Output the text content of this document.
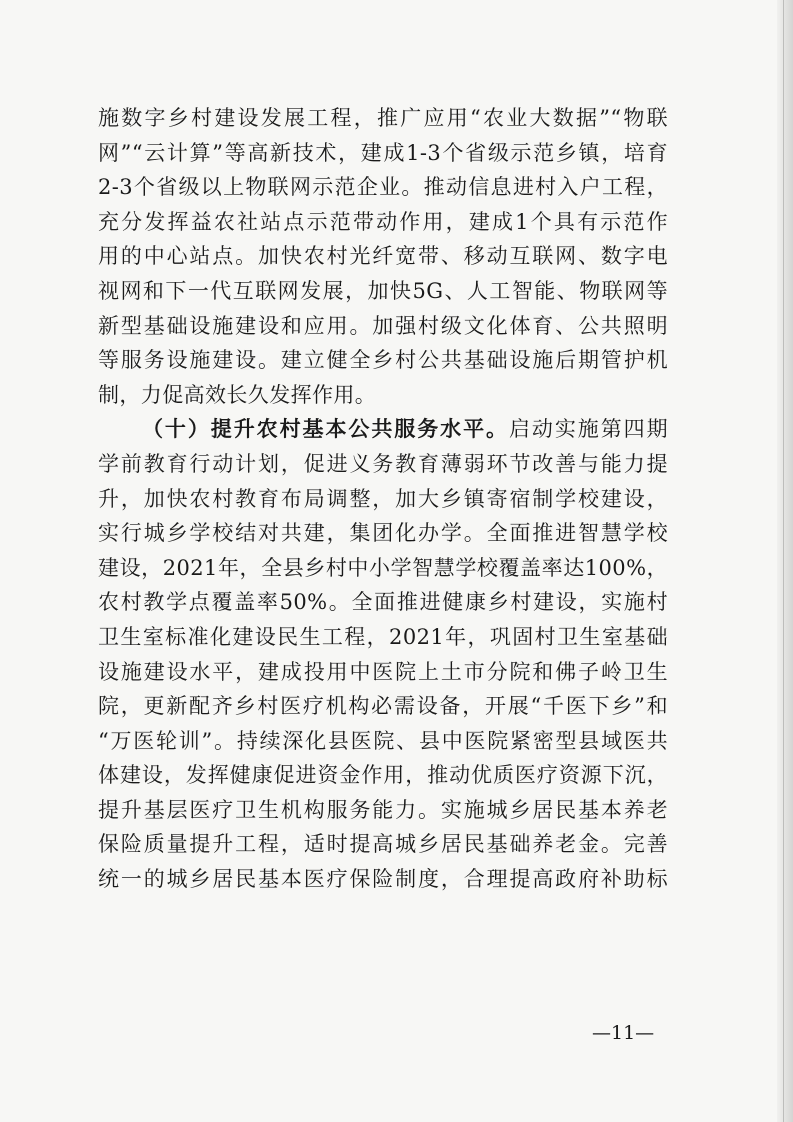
施数字乡村建设发展工程，推广应用“农业大数据”“物联
网”“云计算”等高新技术，建成1-3个省级示范乡镇，培育
2-3个省级以上物联网示范企业。推动信息进村入户工程，
充分发挥益农社站点示范带动作用，建成1个具有示范作
用的中心站点。加快农村光纤宽带、移动互联网、数字电
视网和下一代互联网发展，加快5G、人工智能、物联网等
新型基础设施建设和应用。加强村级文化体育、公共照明
等服务设施建设。建立健全乡村公共基础设施后期管护机
制，力促高效长久发挥作用。
（十）提升农村基本公共服务水平。启动实施第四期
学前教育行动计划，促进义务教育薄弱环节改善与能力提
升，加快农村教育布局调整，加大乡镇寄宿制学校建设，
实行城乡学校结对共建，集团化办学。全面推进智慧学校
建设，2021年，全县乡村中小学智慧学校覆盖率达100%，
农村教学点覆盖率50%。全面推进健康乡村建设，实施村
卫生室标准化建设民生工程，2021年，巩固村卫生室基础
设施建设水平，建成投用中医院上土市分院和佛子岭卫生
院，更新配齐乡村医疗机构必需设备，开展“千医下乡”和
“万医轮训”。持续深化县医院、县中医院紧密型县域医共
体建设，发挥健康促进资金作用，推动优质医疗资源下沉，
提升基层医疗卫生机构服务能力。实施城乡居民基本养老
保险质量提升工程，适时提高城乡居民基础养老金。完善
统一的城乡居民基本医疗保险制度，合理提高政府补助标
—11—
